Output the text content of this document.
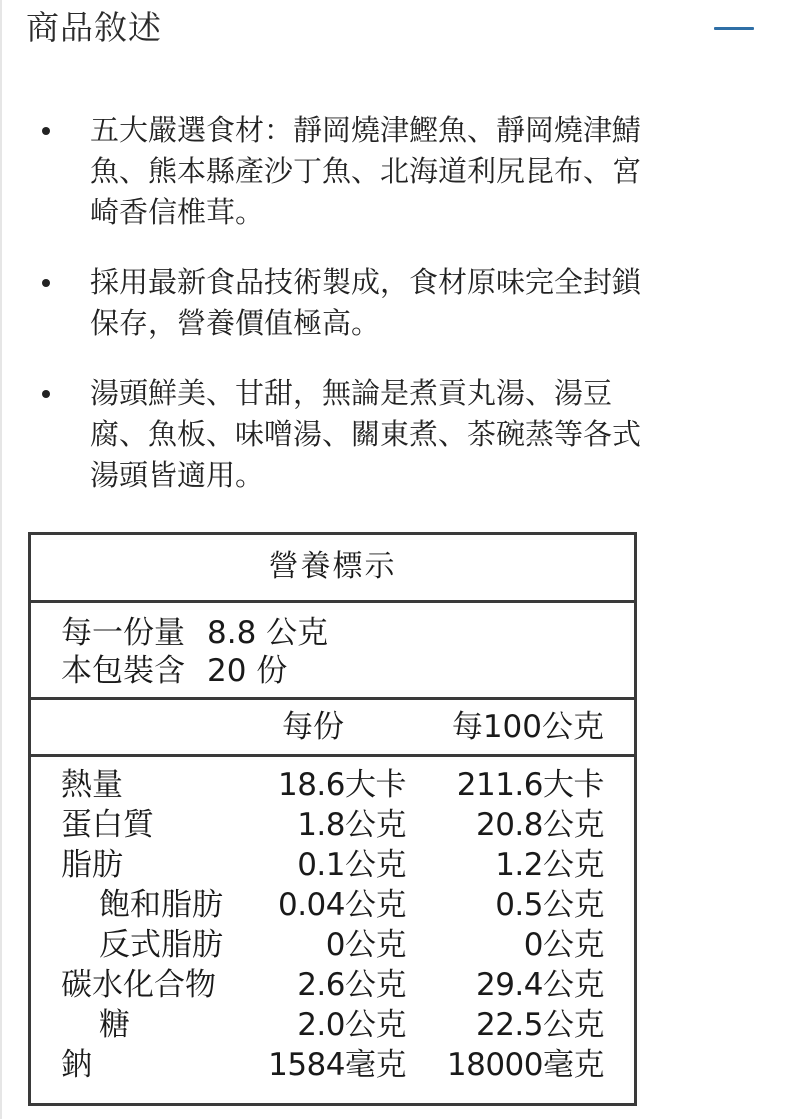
商品敘述
五大嚴選食材：靜岡燒津鰹魚、靜岡燒津鯖
魚、熊本縣產沙丁魚、北海道利尻昆布、宮
崎香信椎茸。
採用最新食品技術製成，食材原味完全封鎖
保存，營養價值極高。
湯頭鮮美、甘甜，無論是煮貢丸湯、湯豆
腐、魚板、味噌湯、關東煮、茶碗蒸等各式
湯頭皆適用。
營養標示
每一份量 8.8 公克
本包裝含 20 份
每份	每100公克
熱量	18.6大卡 211.6大卡
蛋白質	1.8公克 20.8公克
脂肪	0.1公克	1.2公克
飽和脂肪 0.04公克	0.5公克
反式脂肪	0公克	0公克
碳水化合物	2.6公克 29.4公克
糖	2.0公克 22.5公克
鈉	1584毫克 18000毫克
